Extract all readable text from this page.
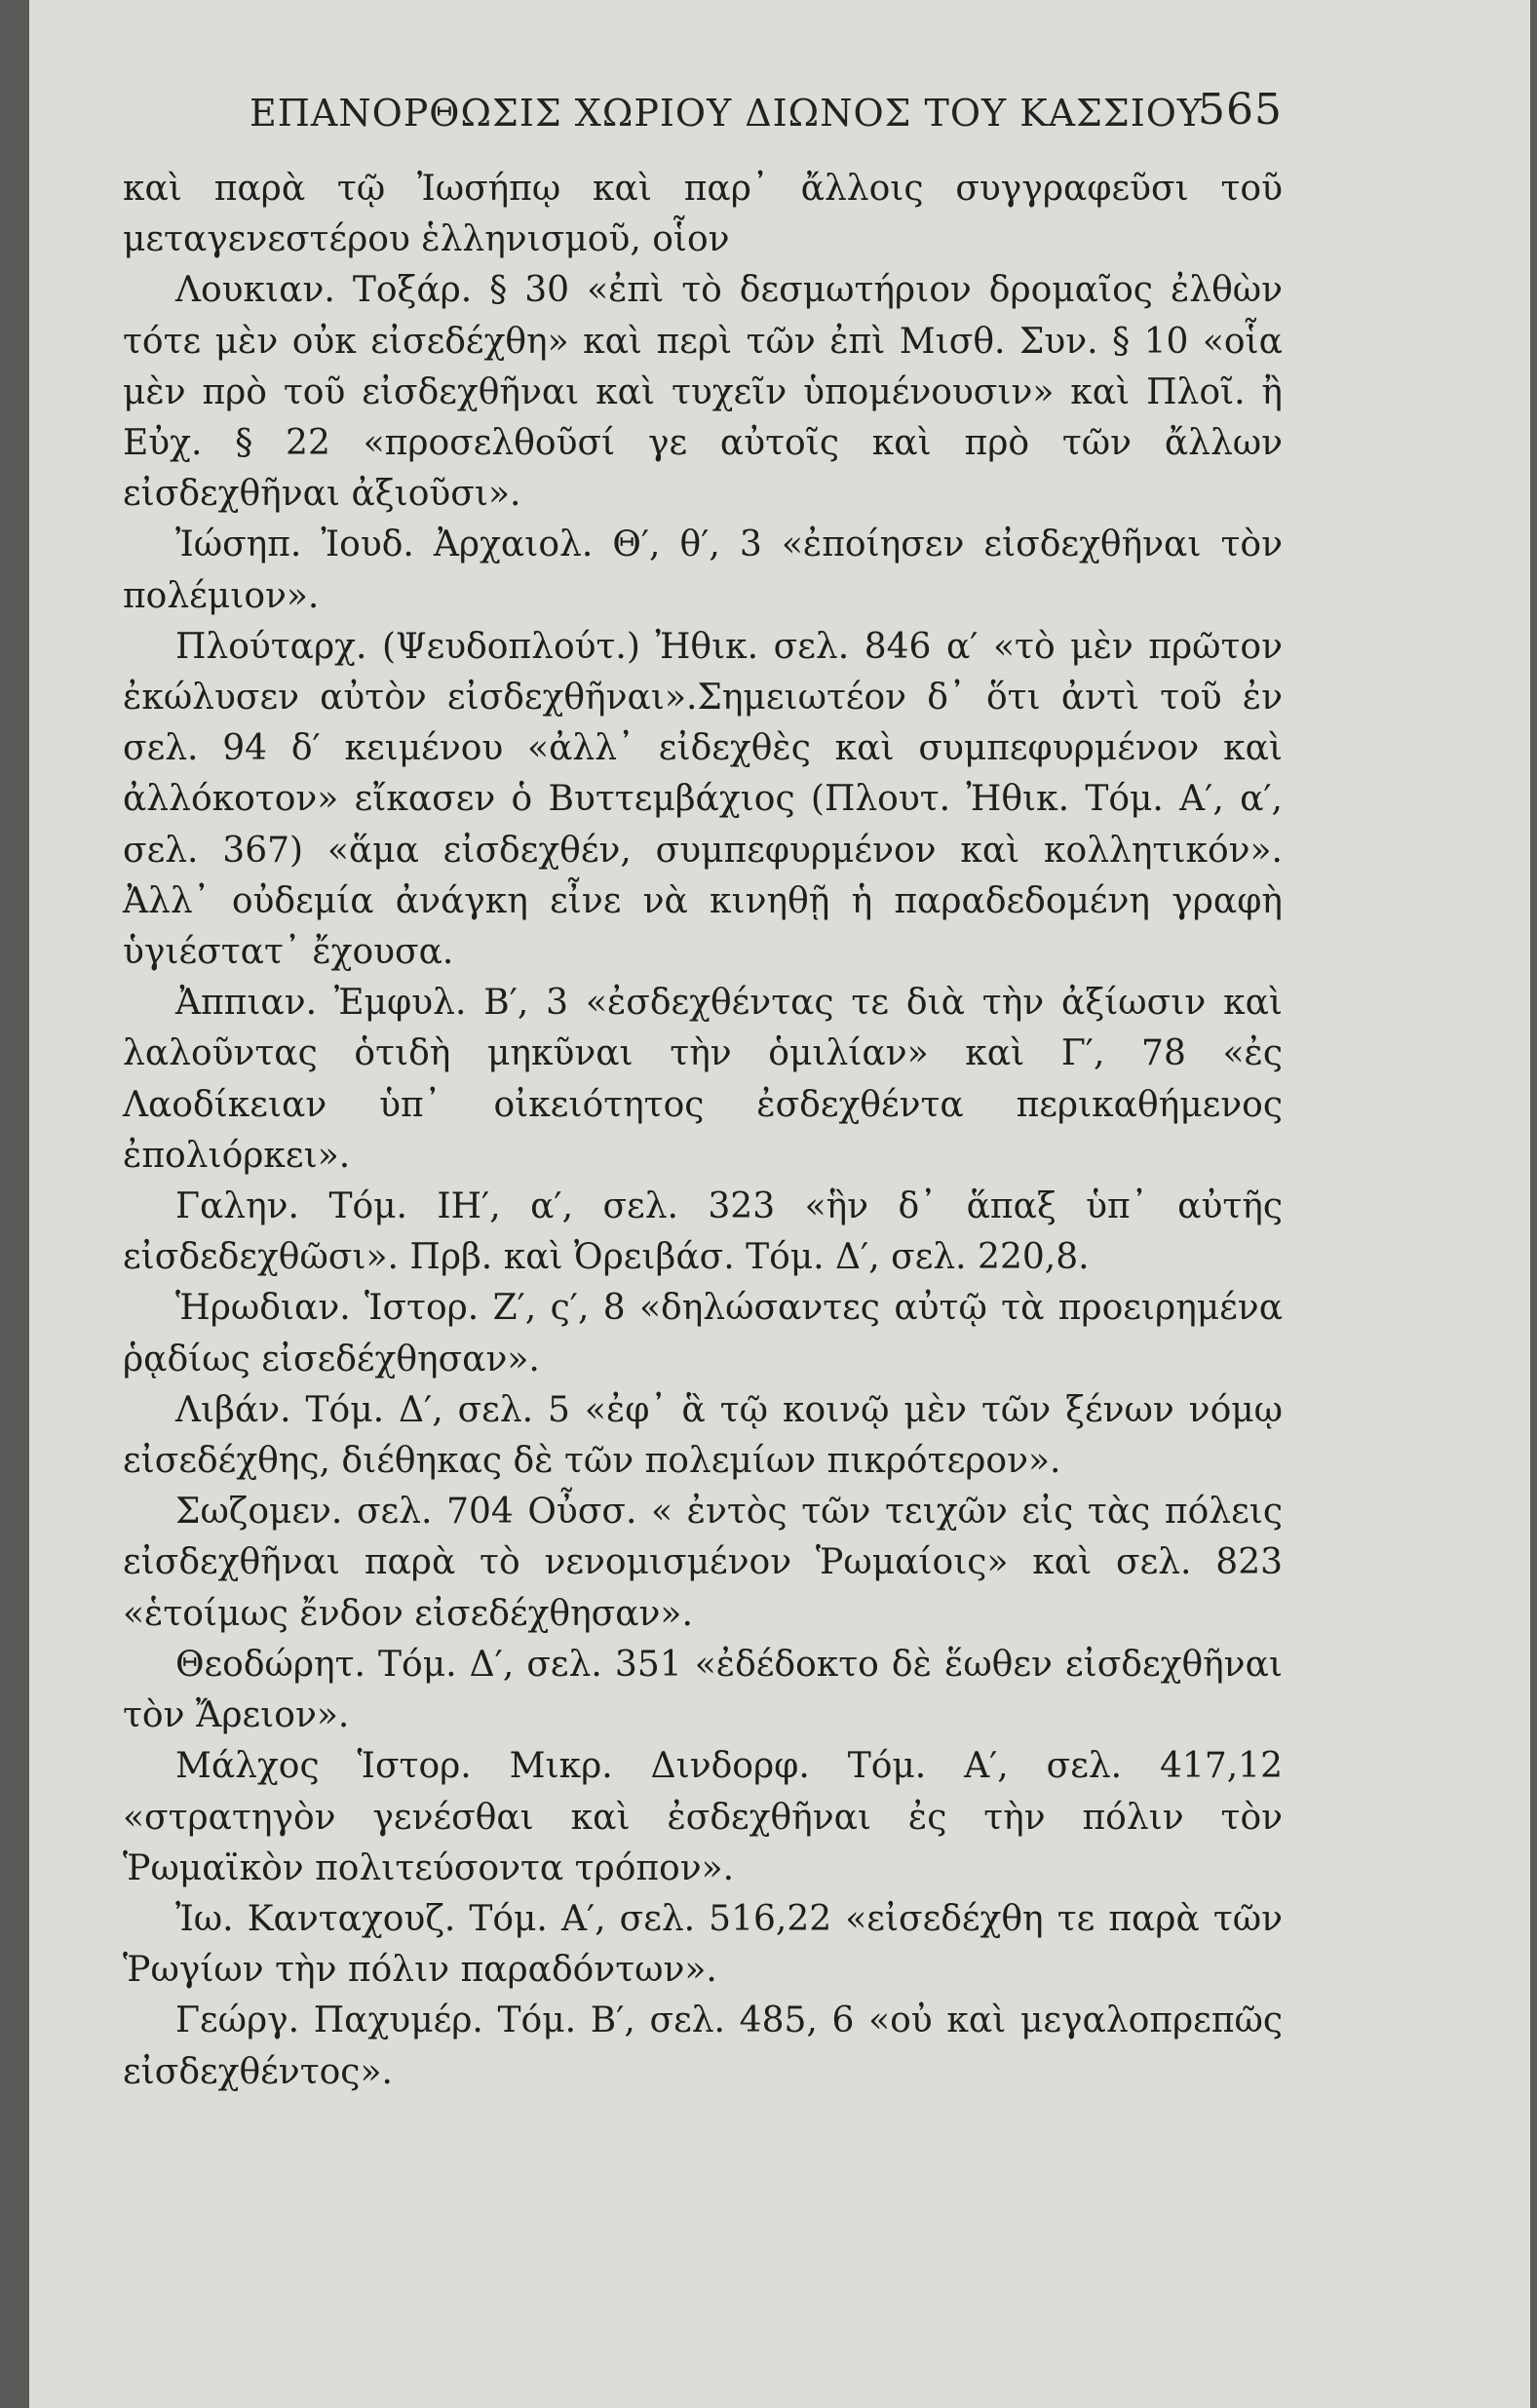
ΕΠΑΝΟΡΘΩΣΙΣ ΧΩΡΙΟΥ ΔΙΩΝΟΣ ΤΟΥ ΚΑΣΣΙΟΥ
565

καὶ παρὰ τῷ Ἰωσήπῳ καὶ παρ᾽ ἄλλοις συγγραφεῦσι τοῦ μεταγενεστέρου ἑλληνισμοῦ, οἷον

Λουκιαν. Τοξάρ. § 30 «ἐπὶ τὸ δεσμωτήριον δρομαῖος ἐλθὼν τότε μὲν οὐκ εἰσεδέχθη» καὶ περὶ τῶν ἐπὶ Μισθ. Συν. § 10 «οἷα μὲν πρὸ τοῦ εἰσδεχθῆναι καὶ τυχεῖν ὑπομένουσιν» καὶ Πλοῖ. ἢ Εὐχ. § 22 «προσελθοῦσί γε αὐτοῖς καὶ πρὸ τῶν ἄλλων εἰσδεχθῆναι ἀξιοῦσι».

Ἰώσηπ. Ἰουδ. Ἀρχαιολ. Θ′, θ′, 3 «ἐποίησεν εἰσδεχθῆναι τὸν πολέμιον».

Πλούταρχ. (Ψευδοπλούτ.) Ἠθικ. σελ. 846 α′ «τὸ μὲν πρῶτον ἐκώλυσεν αὐτὸν εἰσδεχθῆναι».Σημειωτέον δ᾽ ὅτι ἀντὶ τοῦ ἐν σελ. 94 δ′ κειμένου «ἀλλ᾽ εἰδεχθὲς καὶ συμπεφυρμένον καὶ ἀλλόκοτον» εἴκασεν ὁ Βυττεμβάχιος (Πλουτ. Ἠθικ. Τόμ. Α′, α′, σελ. 367) «ἅμα εἰσδεχθέν, συμπεφυρμένον καὶ κολλητικόν». Ἀλλ᾽ οὐδεμία ἀνάγκη εἶνε νὰ κινηθῇ ἡ παραδεδομένη γραφὴ ὑγιέστατ᾽ ἔχουσα.

Ἀππιαν. Ἐμφυλ. Β′, 3 «ἐσδεχθέντας τε διὰ τὴν ἀξίωσιν καὶ λαλοῦντας ὁτιδὴ μηκῦναι τὴν ὁμιλίαν» καὶ Γ′, 78 «ἐς Λαοδίκειαν ὑπ᾽ οἰκειότητος ἐσδεχθέντα περικαθήμενος ἐπολιόρκει».

Γαλην. Τόμ. ΙΗ′, α′, σελ. 323 «ἣν δ᾽ ἅπαξ ὑπ᾽ αὐτῆς εἰσδεδεχθῶσι». Πρβ. καὶ Ὀρειβάσ. Τόμ. Δ′, σελ. 220,8.

Ἡρωδιαν. Ἱστορ. Ζ′, ς′, 8 «δηλώσαντες αὐτῷ τὰ προειρημένα ῥᾳδίως εἰσεδέχθησαν».

Λιβάν. Τόμ. Δ′, σελ. 5 «ἐφ᾽ ἃ τῷ κοινῷ μὲν τῶν ξένων νόμῳ εἰσεδέχθης, διέθηκας δὲ τῶν πολεμίων πικρότερον».

Σωζομεν. σελ. 704 Οὖσσ. « ἐντὸς τῶν τειχῶν εἰς τὰς πόλεις εἰσδεχθῆναι παρὰ τὸ νενομισμένον Ῥωμαίοις» καὶ σελ. 823 «ἑτοίμως ἔνδον εἰσεδέχθησαν».

Θεοδώρητ. Τόμ. Δ′, σελ. 351 «ἐδέδοκτο δὲ ἕωθεν εἰσδεχθῆναι τὸν Ἄρειον».

Μάλχος Ἱστορ. Μικρ. Δινδορφ. Τόμ. Α′, σελ. 417,12 «στρατηγὸν γενέσθαι καὶ ἐσδεχθῆναι ἐς τὴν πόλιν τὸν Ῥωμαϊκὸν πολιτεύσοντα τρόπον».

Ἰω. Κανταχουζ. Τόμ. Α′, σελ. 516,22 «εἰσεδέχθη τε παρὰ τῶν Ῥωγίων τὴν πόλιν παραδόντων».

Γεώργ. Παχυμέρ. Τόμ. Β′, σελ. 485, 6 «οὐ καὶ μεγαλοπρεπῶς εἰσδεχθέντος».
